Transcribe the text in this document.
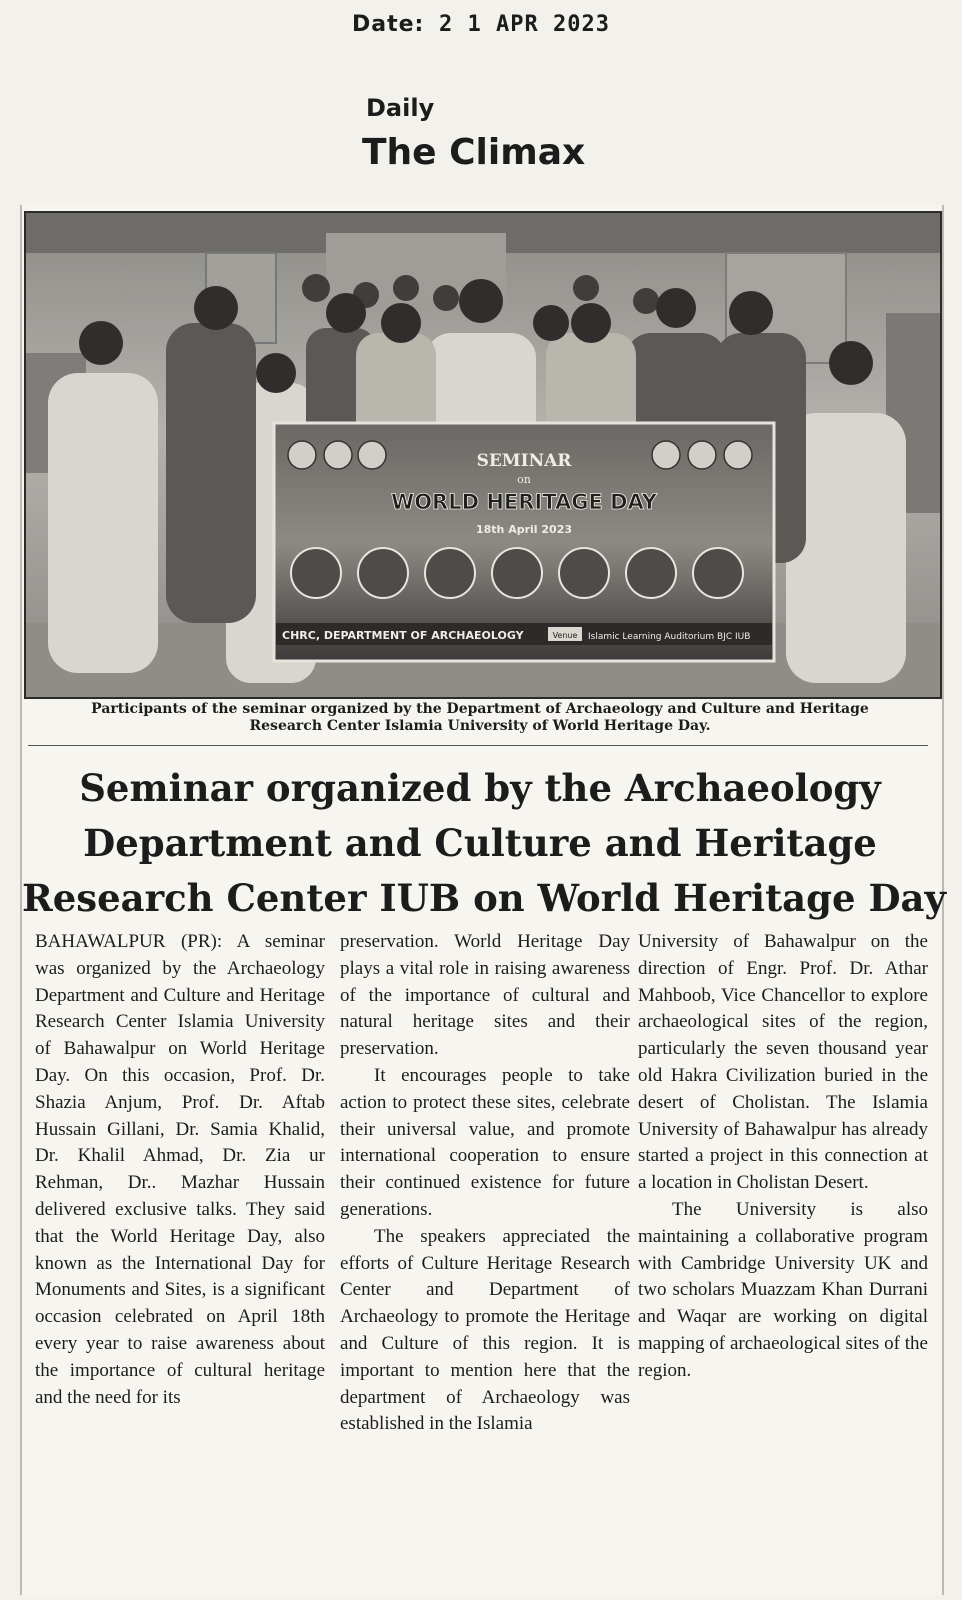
Date: 2 1 APR 2023
Daily
The Climax
SEMINAR
on
WORLD HERITAGE DAY
18th April 2023
CHRC, DEPARTMENT OF ARCHAEOLOGY	Venue Islamic Learning Auditorium BJC IUB
Participants of the seminar organized by the Department of Archaeology and Culture and Heritage
Research Center Islamia University of World Heritage Day.
Seminar organized by the Archaeology
Department and Culture and Heritage
Research Center IUB on World Heritage Day

BAHAWALPUR (PR): A seminar was organized by the Archaeology Department and Culture and Heritage Research Center Islamia University of Bahawalpur on World Heritage Day. On this occasion, Prof. Dr. Shazia Anjum, Prof. Dr. Aftab Hussain Gillani, Dr. Samia Khalid, Dr. Khalil Ahmad, Dr. Zia ur Rehman, Dr.. Mazhar Hussain delivered exclusive talks. They said that the World Heritage Day, also known as the International Day for Monuments and Sites, is a significant occasion celebrated on April 18th every year to raise awareness about the importance of cultural heritage and the need for its

preservation. World Heritage Day plays a vital role in raising awareness of the importance of cultural and natural heritage sites and their preservation.

It encourages people to take action to protect these sites, celebrate their universal value, and promote international cooperation to ensure their continued existence for future generations.

The speakers appreciated the efforts of Culture Heritage Research Center and Department of Archaeology to promote the Heritage and Culture of this region. It is important to mention here that the department of Archaeology was established in the Islamia

University of Bahawalpur on the direction of Engr. Prof. Dr. Athar Mahboob, Vice Chancellor to explore archaeological sites of the region, particularly the seven thousand year old Hakra Civilization buried in the desert of Cholistan. The Islamia University of Bahawalpur has already started a project in this connection at a location in Cholistan Desert.

The University is also maintaining a collaborative program with Cambridge University UK and two scholars Muazzam Khan Durrani and Waqar are working on digital mapping of archaeological sites of the region.
